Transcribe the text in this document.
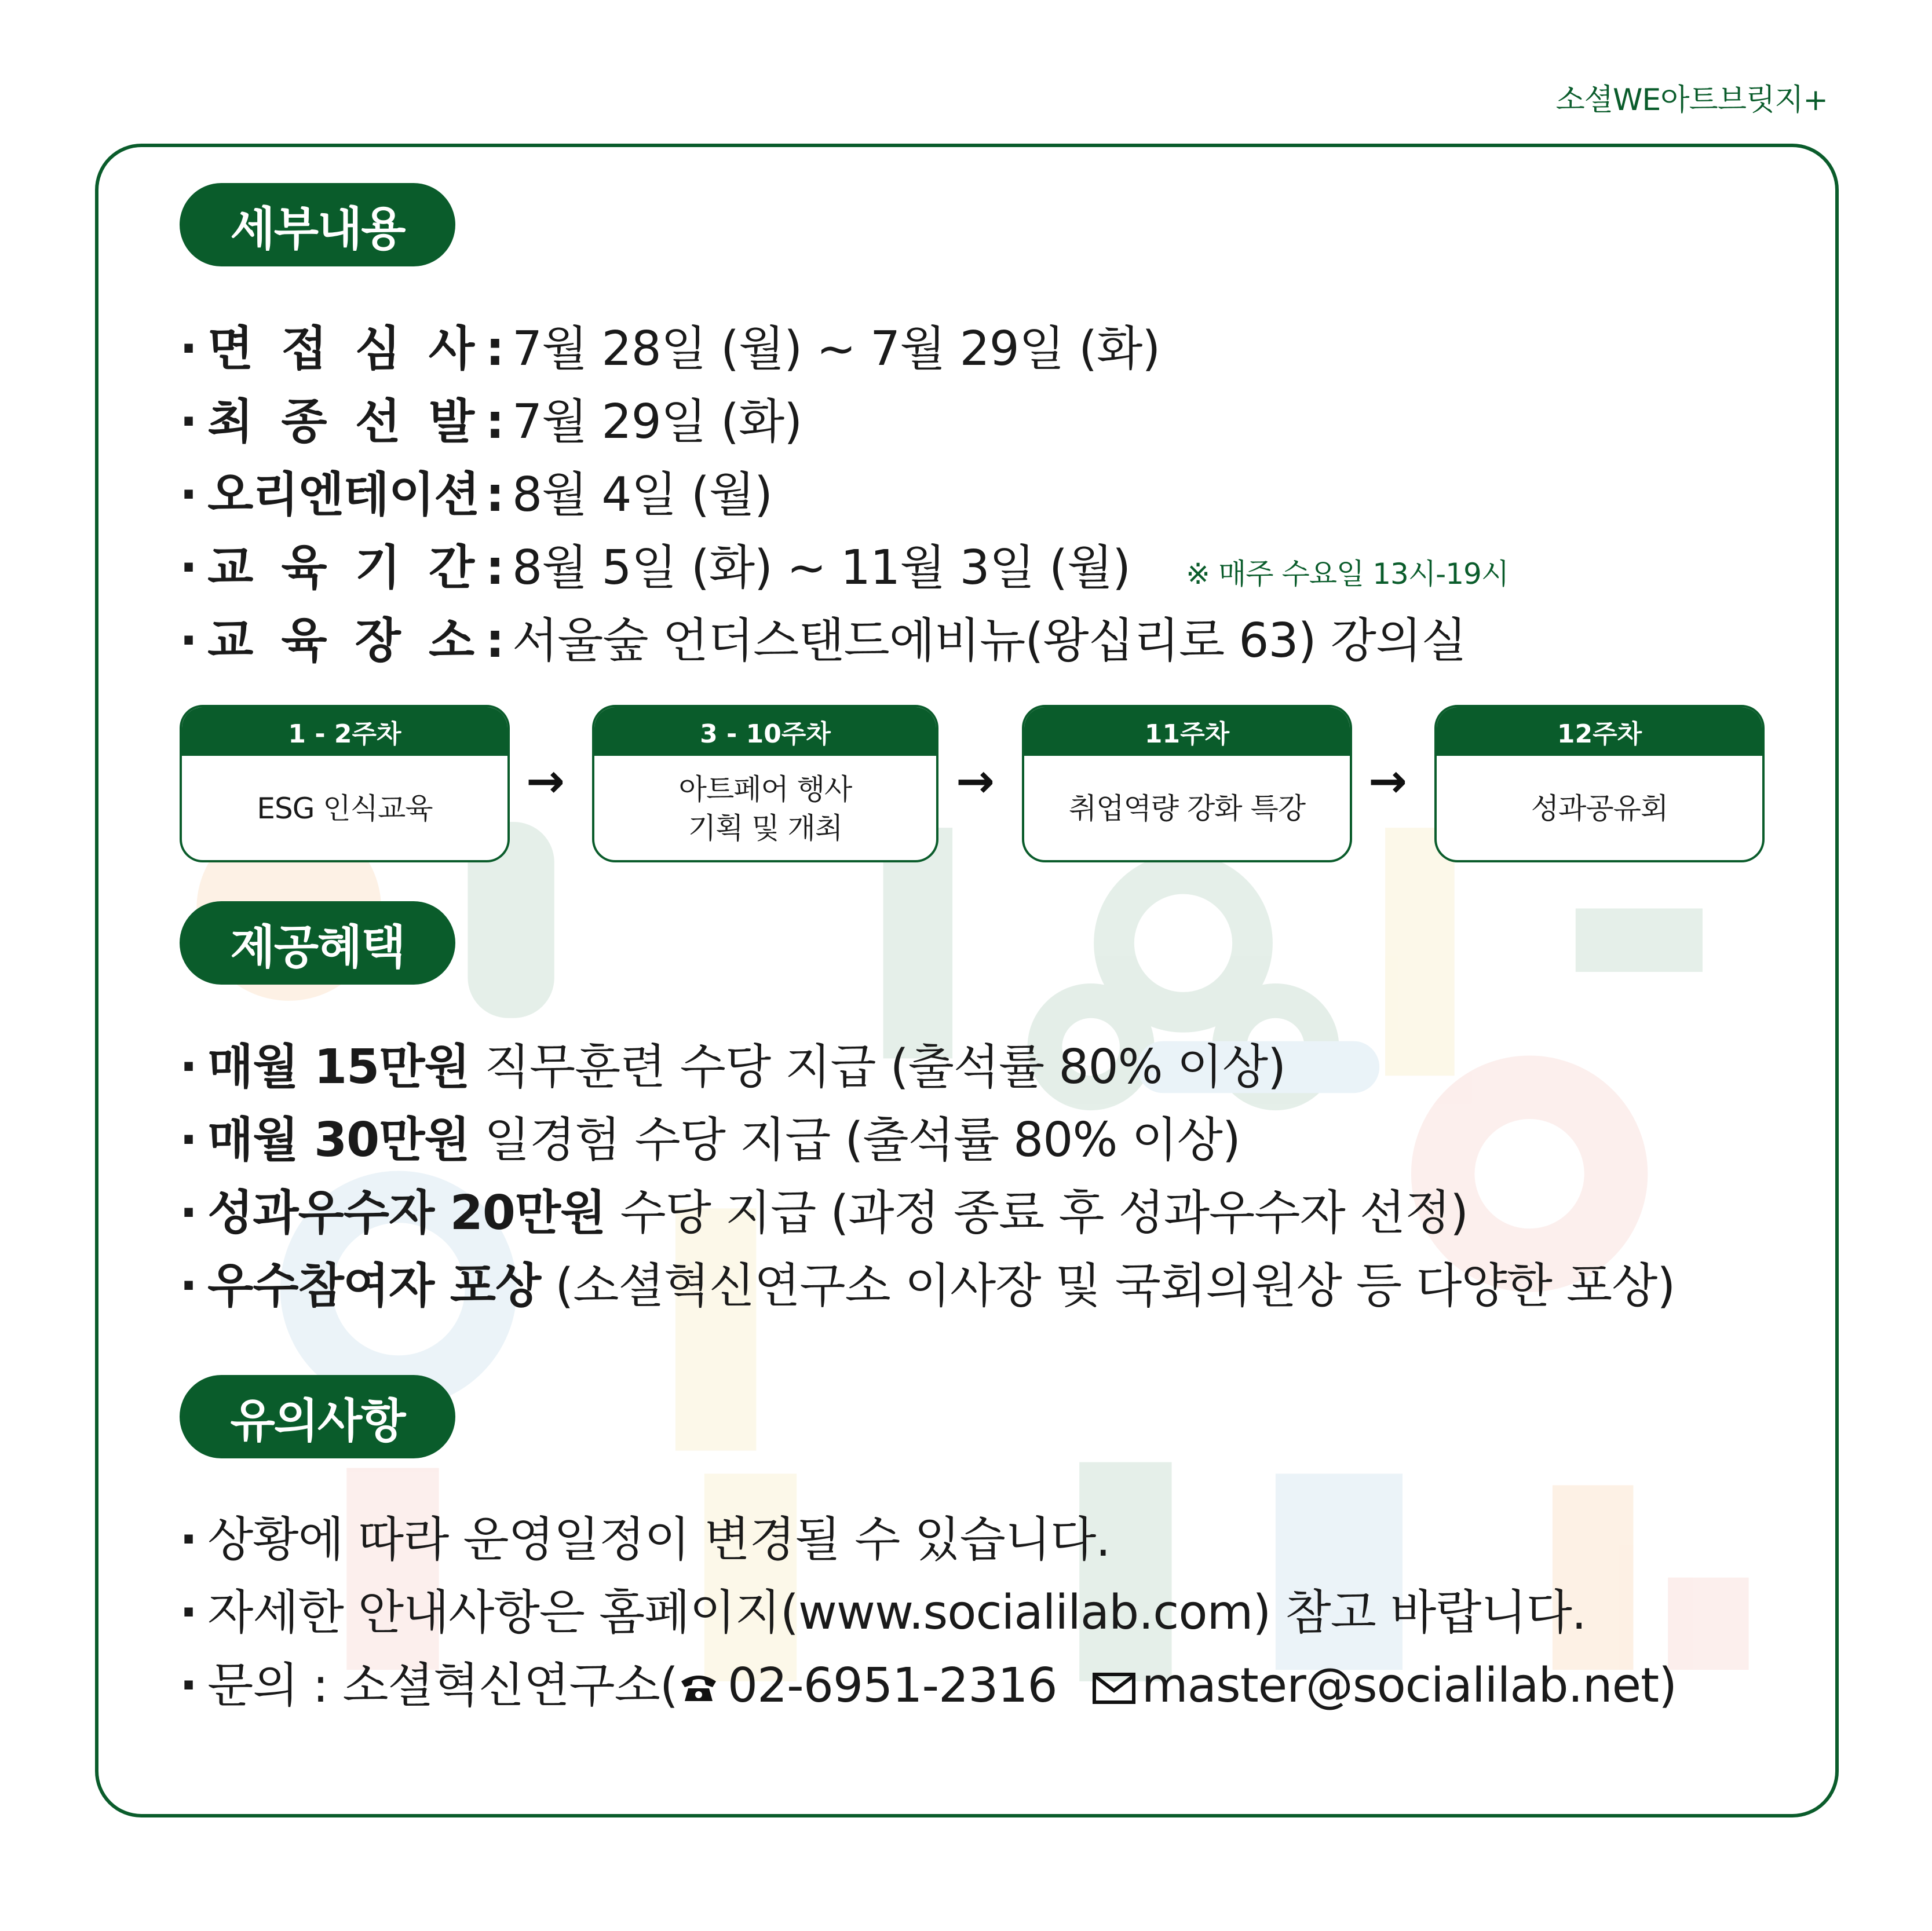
소셜WE아트브릿지+
세부내용
· 면 접 심 사 : 7월 28일 (월) ~ 7월 29일 (화)
· 최 종 선 발 : 7월 29일 (화)
· 오리엔테이션 : 8월 4일 (월)
· 교 육 기 간 : 8월 5일 (화) ~ 11월 3일 (월) ※ 매주 수요일 13시-19시
· 교 육 장 소 : 서울숲 언더스탠드에비뉴(왕십리로 63) 강의실
1 - 2주차
ESG 인식교육
→
3 - 10주차
아트페어 행사
기획 및 개최
→
11주차
취업역량 강화 특강
→
12주차
성과공유회
제공혜택
· 매월 15만원 직무훈련 수당 지급 (출석률 80% 이상)
· 매월 30만원 일경험 수당 지급 (출석률 80% 이상)
· 성과우수자 20만원 수당 지급 (과정 종료 후 성과우수자 선정)
· 우수참여자 포상 (소셜혁신연구소 이사장 및 국회의원상 등 다양한 포상)
유의사항
· 상황에 따라 운영일정이 변경될 수 있습니다.
· 자세한 안내사항은 홈페이지(www.socialilab.com) 참고 바랍니다.
· 문의 : 소셜혁신연구소( 02-6951-2316 master@socialilab.net)
